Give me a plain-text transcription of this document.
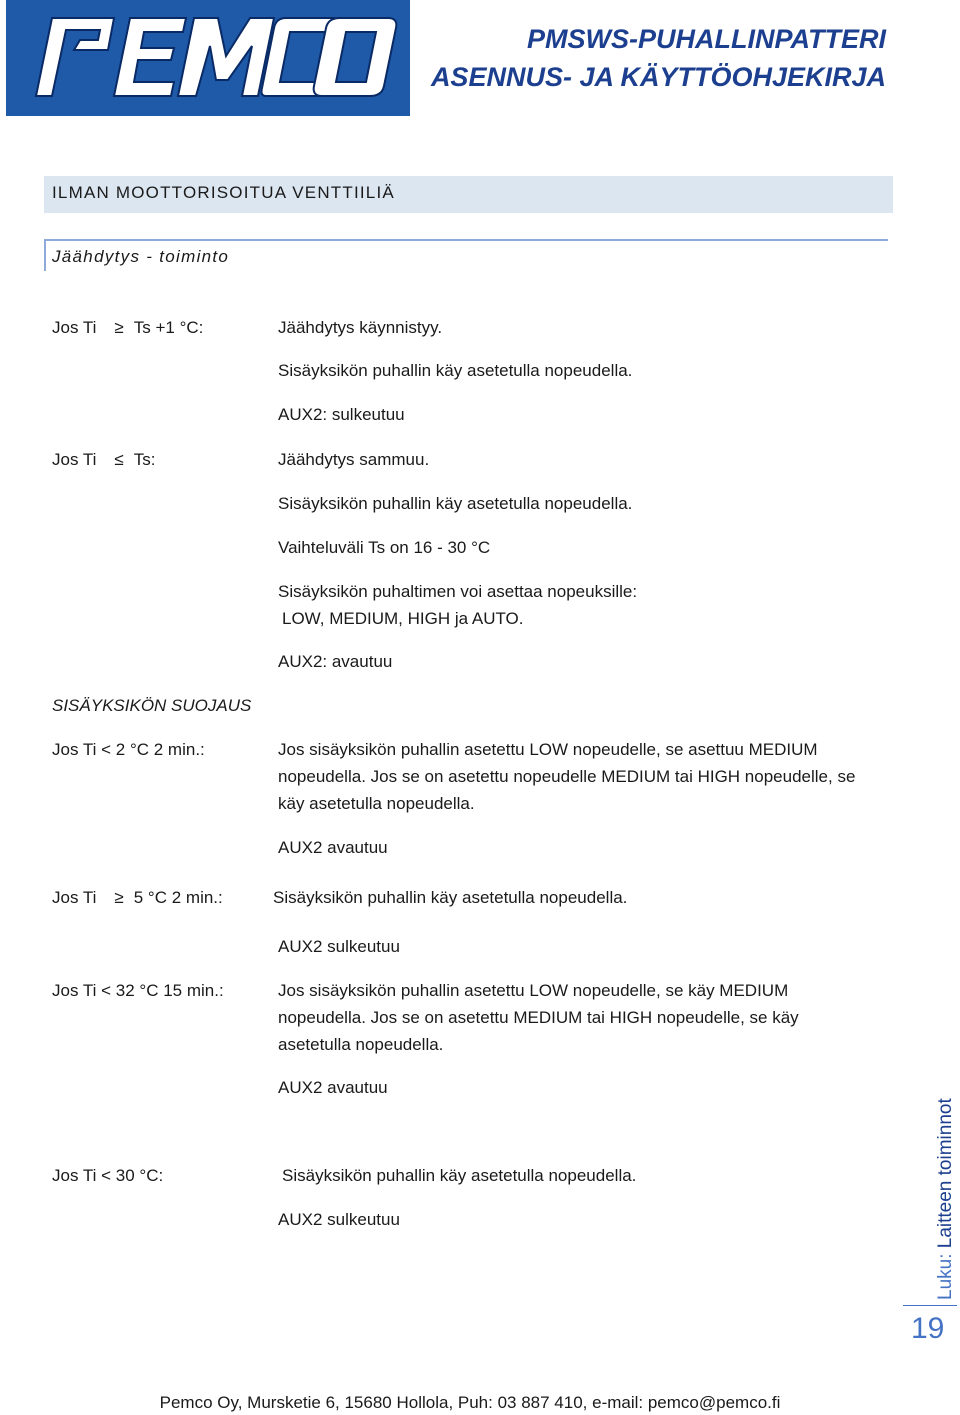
PMSWS-PUHALLINPATTERI
ASENNUS- JA KÄYTTÖOHJEKIRJA
ILMAN MOOTTORISOITUA VENTTIILIÄ
Jäähdytys - toiminto
Jos Ti ≥ Ts +1 °C:	Jäähdytys käynnistyy.
Sisäyksikön puhallin käy asetetulla nopeudella.
AUX2: sulkeutuu
Jos Ti ≤ Ts:	Jäähdytys sammuu.
Sisäyksikön puhallin käy asetetulla nopeudella.
Vaihteluväli Ts on 16 - 30 °C
Sisäyksikön puhaltimen voi asettaa nopeuksille:
LOW, MEDIUM, HIGH ja AUTO.
AUX2: avautuu
SISÄYKSIKÖN SUOJAUS
Jos Ti < 2 °C 2 min.:	Jos sisäyksikön puhallin asetettu LOW nopeudelle, se asettuu MEDIUM nopeudella. Jos se on asetettu nopeudelle MEDIUM tai HIGH nopeudelle, se käy asetetulla nopeudella.
AUX2 avautuu
Jos Ti ≥ 5 °C 2 min.:	Sisäyksikön puhallin käy asetetulla nopeudella.
AUX2 sulkeutuu
Jos Ti < 32 °C 15 min.:	Jos sisäyksikön puhallin asetettu LOW nopeudelle, se käy MEDIUM nopeudella. Jos se on asetettu MEDIUM tai HIGH nopeudelle, se käy asetetulla nopeudella.
AUX2 avautuu
Jos Ti < 30 °C:	Sisäyksikön puhallin käy asetetulla nopeudella.
AUX2 sulkeutuu
Luku: Laitteen toiminnot
19
Pemco Oy, Mursketie 6, 15680 Hollola, Puh: 03 887 410, e-mail: pemco@pemco.fi
